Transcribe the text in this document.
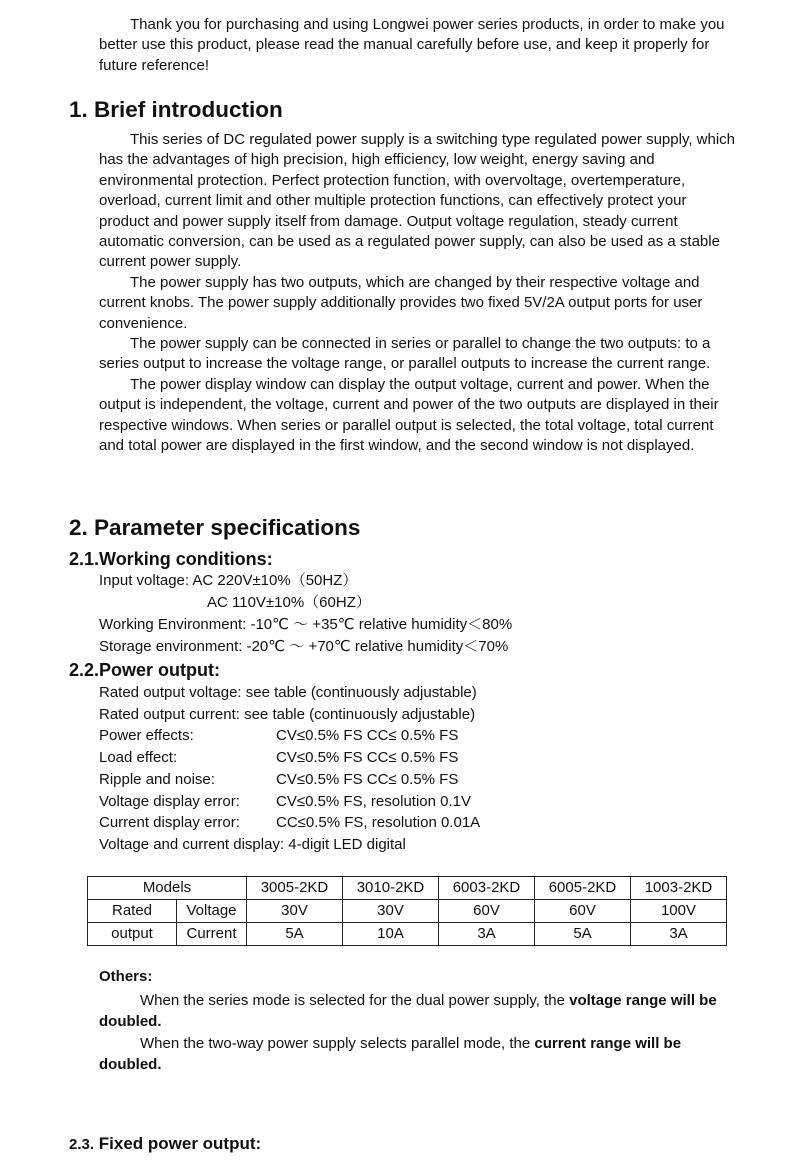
Thank you for purchasing and using Longwei power series products, in order to make you better use this product, please read the manual carefully before use, and keep it properly for future reference!

1. Brief introduction

This series of DC regulated power supply is a switching type regulated power supply, which has the advantages of high precision, high efficiency, low weight, energy saving and environmental protection. Perfect protection function, with overvoltage, overtemperature, overload, current limit and other multiple protection functions, can effectively protect your product and power supply itself from damage. Output voltage regulation, steady current automatic conversion, can be used as a regulated power supply, can also be used as a stable current power supply.

The power supply has two outputs, which are changed by their respective voltage and current knobs. The power supply additionally provides two fixed 5V/2A output ports for user convenience.

The power supply can be connected in series or parallel to change the two outputs: to a series output to increase the voltage range, or parallel outputs to increase the current range.

The power display window can display the output voltage, current and power. When the output is independent, the voltage, current and power of the two outputs are displayed in their respective windows. When series or parallel output is selected, the total voltage, total current and total power are displayed in the first window, and the second window is not displayed.

2. Parameter specifications
2.1.Working conditions:

Input voltage: AC 220V±10%（50HZ）

AC 110V±10%（60HZ）

Working Environment: -10℃ ～ +35℃ relative humidity＜80%

Storage environment: -20℃ ～ +70℃ relative humidity＜70%

2.2.Power output:

Rated output voltage: see table (continuously adjustable)

Rated output current: see table (continuously adjustable)

Power effects:	CV≤0.5% FS CC≤ 0.5% FS
Load effect:	CV≤0.5% FS CC≤ 0.5% FS
Ripple and noise:	CV≤0.5% FS CC≤ 0.5% FS
Voltage display error:	CV≤0.5% FS, resolution 0.1V
Current display error:	CC≤0.5% FS, resolution 0.01A

Voltage and current display: 4-digit LED digital

Models		3005-2KD	3010-2KD	6003-2KD	6005-2KD	1003-2KD
Rated	Voltage	30V	30V	60V	60V	100V
output	Current	5A	10A	3A	5A	3A

Others:

When the series mode is selected for the dual power supply, the voltage range will be doubled.

When the two-way power supply selects parallel mode, the current range will be doubled.

2.3. Fixed power output:
